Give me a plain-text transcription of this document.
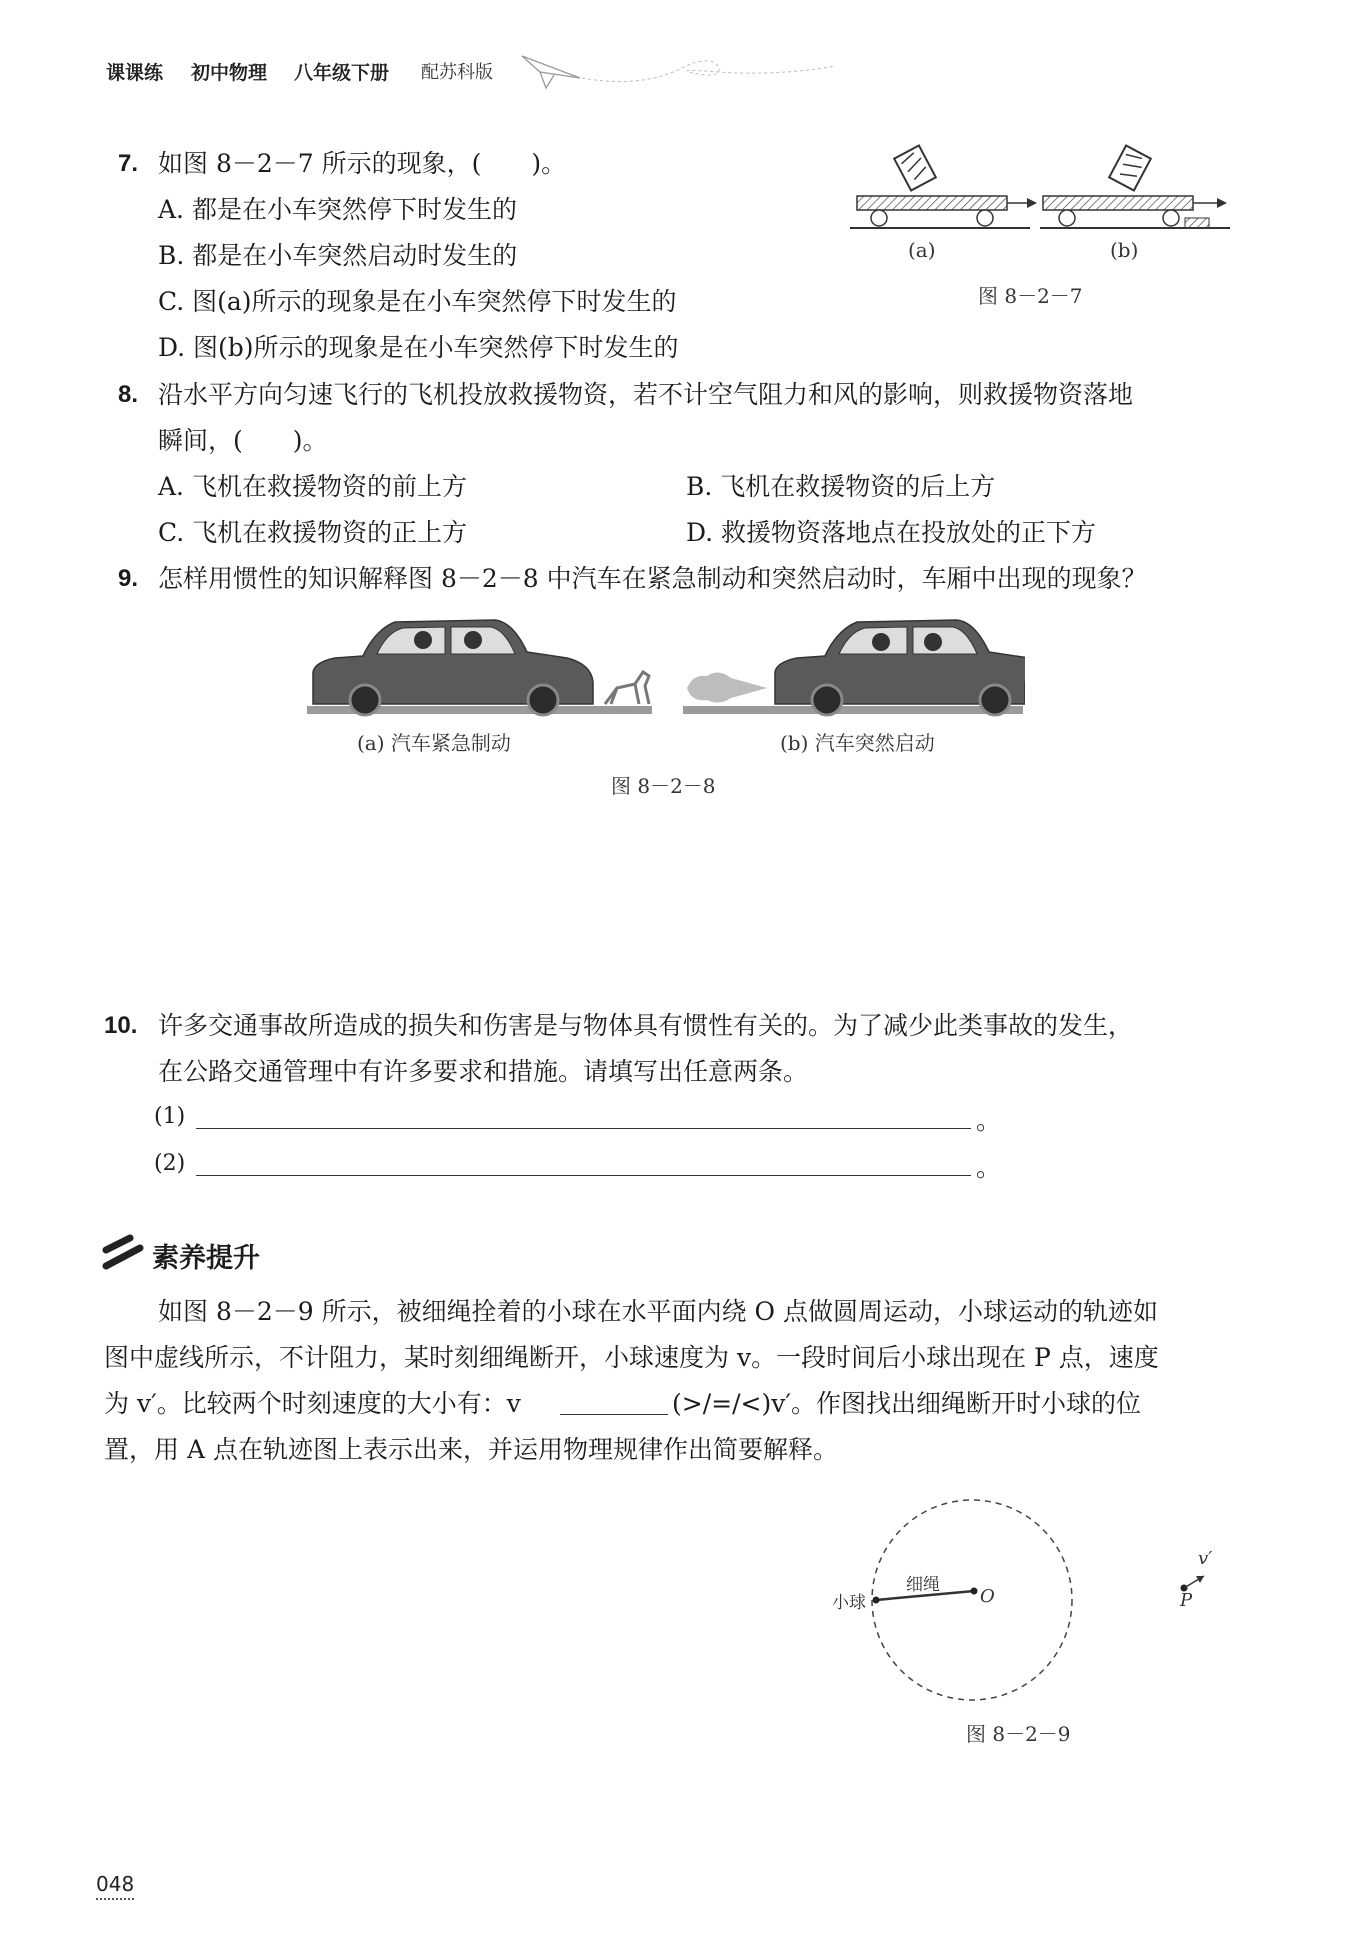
课课练 初中物理 八年级下册 配苏科版
7. 如图 8－2－7 所示的现象，(　　)。
A. 都是在小车突然停下时发生的
B. 都是在小车突然启动时发生的
C. 图(a)所示的现象是在小车突然停下时发生的
D. 图(b)所示的现象是在小车突然停下时发生的
(a)	(b)
图 8－2－7
8. 沿水平方向匀速飞行的飞机投放救援物资，若不计空气阻力和风的影响，则救援物资落地
瞬间，(　　)。
A. 飞机在救援物资的前上方	B. 飞机在救援物资的后上方
C. 飞机在救援物资的正上方	D. 救援物资落地点在投放处的正下方
9. 怎样用惯性的知识解释图 8－2－8 中汽车在紧急制动和突然启动时，车厢中出现的现象？
(a) 汽车紧急制动	(b) 汽车突然启动
图 8－2－8
10. 许多交通事故所造成的损失和伤害是与物体具有惯性有关的。为了减少此类事故的发生，
在公路交通管理中有许多要求和措施。请填写出任意两条。
(1)	。
(2)	。
素养提升
如图 8－2－9 所示，被细绳拴着的小球在水平面内绕 O 点做圆周运动，小球运动的轨迹如
图中虚线所示，不计阻力，某时刻细绳断开，小球速度为 v。一段时间后小球出现在 P 点，速度
为 v′。比较两个时刻速度的大小有：v	(>/=/<)v′。作图找出细绳断开时小球的位
置，用 A 点在轨迹图上表示出来，并运用物理规律作出简要解释。
小球
细绳
O
v′
P
图 8－2－9
048
